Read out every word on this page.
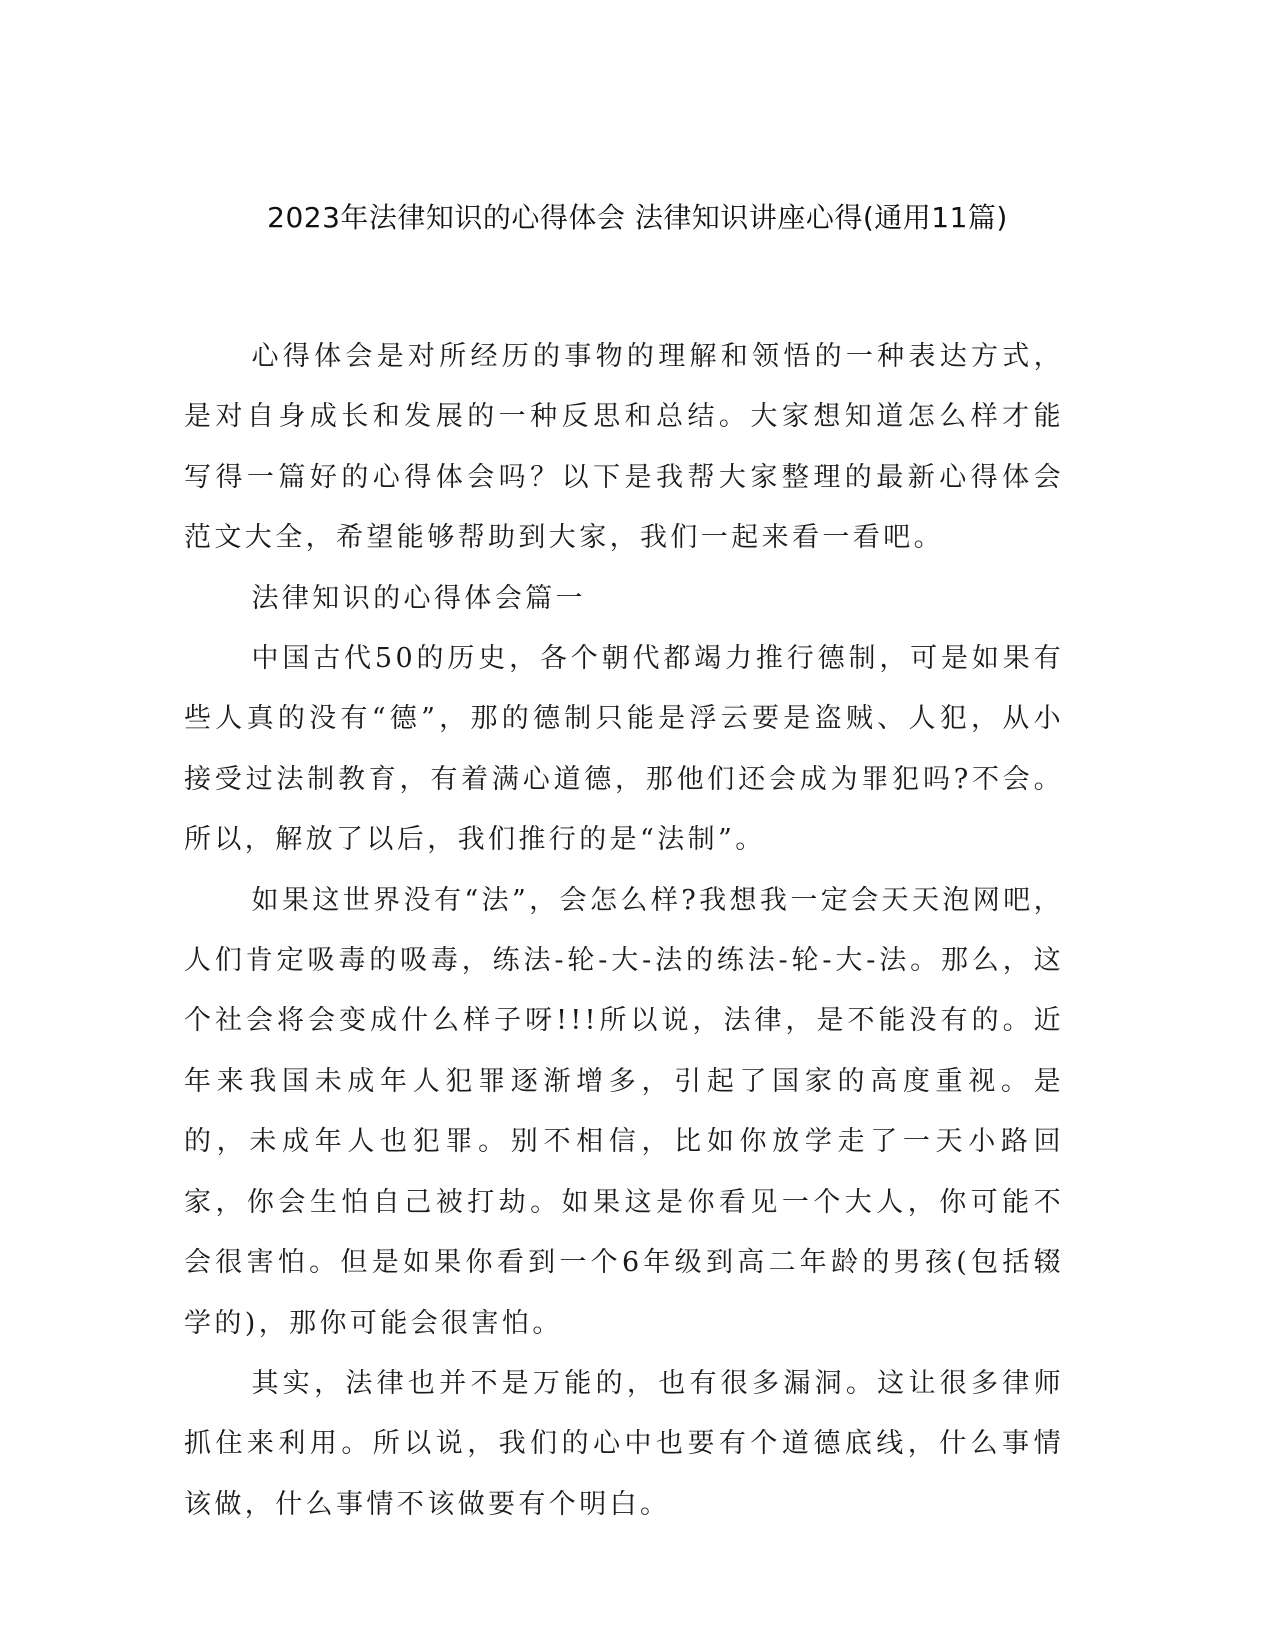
2023年法律知识的心得体会 法律知识讲座心得(通用11篇)

心得体会是对所经历的事物的理解和领悟的一种表达方式，是对自身成长和发展的一种反思和总结。大家想知道怎么样才能写得一篇好的心得体会吗？以下是我帮大家整理的最新心得体会范文大全，希望能够帮助到大家，我们一起来看一看吧。

法律知识的心得体会篇一

中国古代50的历史，各个朝代都竭力推行德制，可是如果有些人真的没有“德”，那的德制只能是浮云要是盗贼、人犯，从小接受过法制教育，有着满心道德，那他们还会成为罪犯吗?不会。所以，解放了以后，我们推行的是“法制”。

如果这世界没有“法”，会怎么样?我想我一定会天天泡网吧，人们肯定吸毒的吸毒，练法-轮-大-法的练法-轮-大-法。那么，这个社会将会变成什么样子呀!!!所以说，法律，是不能没有的。近年来我国未成年人犯罪逐渐增多，引起了国家的高度重视。是的，未成年人也犯罪。别不相信，比如你放学走了一天小路回家，你会生怕自己被打劫。如果这是你看见一个大人，你可能不会很害怕。但是如果你看到一个6年级到高二年龄的男孩(包括辍学的)，那你可能会很害怕。

其实，法律也并不是万能的，也有很多漏洞。这让很多律师抓住来利用。所以说，我们的心中也要有个道德底线，什么事情该做，什么事情不该做要有个明白。
